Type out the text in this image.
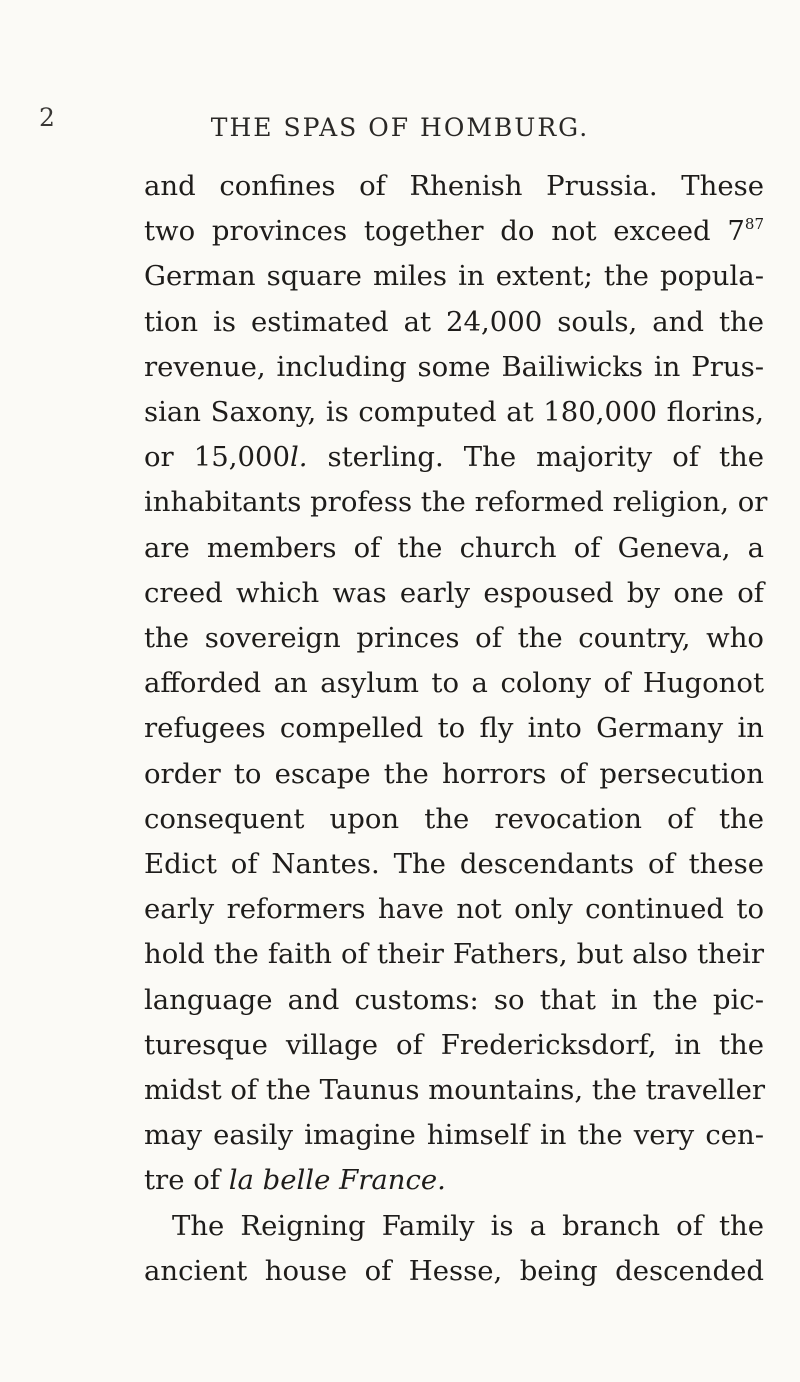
2	THE SPAS OF HOMBURG.
and confines of Rhenish Prussia. These
two provinces together do not exceed $7^{87}$
German square miles in extent; the popula-
tion is estimated at 24,000 souls, and the
revenue, including some Bailiwicks in Prus-
sian Saxony, is computed at 180,000 florins,
or 15,000l. sterling. The majority of the
inhabitants profess the reformed religion, or
are members of the church of Geneva, a
creed which was early espoused by one of
the sovereign princes of the country, who
afforded an asylum to a colony of Hugonot
refugees compelled to fly into Germany in
order to escape the horrors of persecution
consequent upon the revocation of the
Edict of Nantes. The descendants of these
early reformers have not only continued to
hold the faith of their Fathers, but also their
language and customs: so that in the pic-
turesque village of Fredericksdorf, in the
midst of the Taunus mountains, the traveller
may easily imagine himself in the very cen-
tre of la belle France.
The Reigning Family is a branch of the
ancient house of Hesse, being descended
